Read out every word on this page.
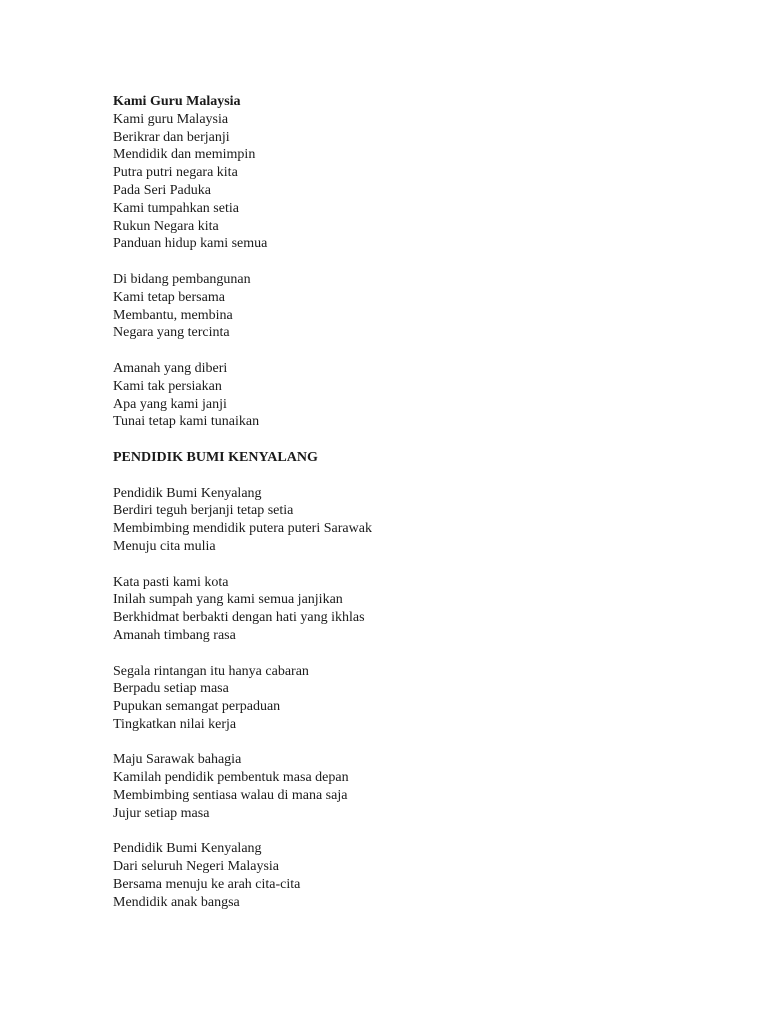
Kami Guru Malaysia
Kami guru Malaysia
Berikrar dan berjanji
Mendidik dan memimpin
Putra putri negara kita
Pada Seri Paduka
Kami tumpahkan setia
Rukun Negara kita
Panduan hidup kami semua
Di bidang pembangunan
Kami tetap bersama
Membantu, membina
Negara yang tercinta
Amanah yang diberi
Kami tak persiakan
Apa yang kami janji
Tunai tetap kami tunaikan
PENDIDIK BUMI KENYALANG
Pendidik Bumi Kenyalang
Berdiri teguh berjanji tetap setia
Membimbing mendidik putera puteri Sarawak
Menuju cita mulia
Kata pasti kami kota
Inilah sumpah yang kami semua janjikan
Berkhidmat berbakti dengan hati yang ikhlas
Amanah timbang rasa
Segala rintangan itu hanya cabaran
Berpadu setiap masa
Pupukan semangat perpaduan
Tingkatkan nilai kerja
Maju Sarawak bahagia
Kamilah pendidik pembentuk masa depan
Membimbing sentiasa walau di mana saja
Jujur setiap masa
Pendidik Bumi Kenyalang
Dari seluruh Negeri Malaysia
Bersama menuju ke arah cita-cita
Mendidik anak bangsa
